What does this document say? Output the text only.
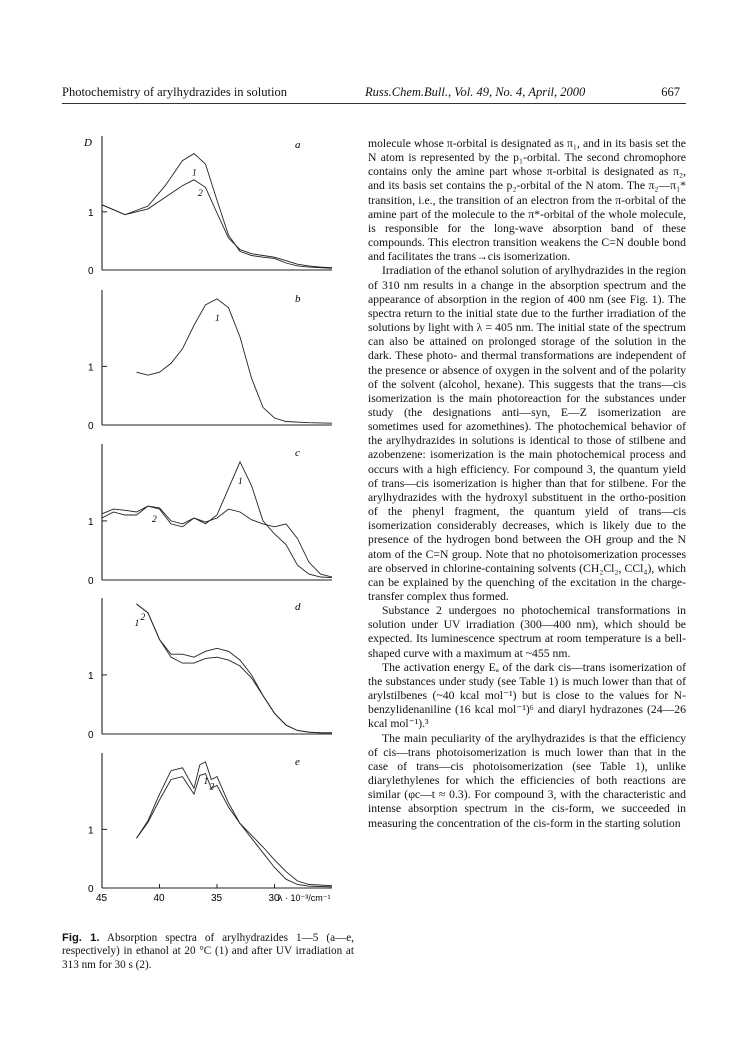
Photochemistry of arylhydrazides in solution	Russ.Chem.Bull., Vol. 49, No. 4, April, 2000	667
1
0
a
1
2
1
0
b
1
1
0
c
1
2
1
0
d
1
2
1
0
e
1
2
D
45	40	35	30
λ · 10⁻³/cm⁻¹
Fig. 1. Absorption spectra of arylhydrazides 1—5 (a—e, respectively) in ethanol at 20 °C (1) and after UV irradiation at 313 nm for 30 s (2).

molecule whose π-orbital is designated as π₁, and in its basis set the N atom is represented by the p₁-orbital. The second chromophore contains only the amine part whose π-orbital is designated as π₂, and its basis set contains the p₂-orbital of the N atom. The π₂—π₁* transition, i.e., the transition of an electron from the π-orbital of the amine part of the molecule to the π*-orbital of the whole molecule, is responsible for the long-wave absorption band of these compounds. This electron transition weakens the C=N double bond and facilitates the trans→cis isomerization.

Irradiation of the ethanol solution of arylhydrazides in the region of 310 nm results in a change in the absorption spectrum and the appearance of absorption in the region of 400 nm (see Fig. 1). The spectra return to the initial state due to the further irradiation of the solutions by light with λ = 405 nm. The initial state of the spectrum can also be attained on prolonged storage of the solution in the dark. These photo- and thermal transformations are independent of the presence or absence of oxygen in the solvent and of the polarity of the solvent (alcohol, hexane). This suggests that the trans—cis isomerization is the main photoreaction for the substances under study (the designations anti—syn, E—Z isomerization are sometimes used for azomethines). The photochemical behavior of the arylhydrazides in solutions is identical to those of stilbene and azobenzene: isomerization is the main photochemical process and occurs with a high efficiency. For compound 3, the quantum yield of trans—cis isomerization is higher than that for stilbene. For the arylhydrazides with the hydroxyl substituent in the ortho-position of the phenyl fragment, the quantum yield of trans—cis isomerization considerably decreases, which is likely due to the presence of the hydrogen bond between the OH group and the N atom of the C=N group. Note that no photoisomerization processes are observed in chlorine-containing solvents (CH₂Cl₂, CCl₄), which can be explained by the quenching of the excitation in the charge-transfer complex thus formed.

Substance 2 undergoes no photochemical transformations in solution under UV irradiation (300—400 nm), which should be expected. Its luminescence spectrum at room temperature is a bell-shaped curve with a maximum at ~455 nm.

The activation energy Eₐ of the dark cis—trans isomerization of the substances under study (see Table 1) is much lower than that of arylstilbenes (~40 kcal mol⁻¹) but is close to the values for N-benzylidenaniline (16 kcal mol⁻¹)⁶ and diaryl hydrazones (24—26 kcal mol⁻¹).³

The main peculiarity of the arylhydrazides is that the efficiency of cis—trans photoisomerization is much lower than that in the case of trans—cis photoisomerization (see Table 1), unlike diarylethylenes for which the efficiencies of both reactions are similar (φc—t ≈ 0.3). For compound 3, with the characteristic and intense absorption spectrum in the cis-form, we succeeded in measuring the concentration of the cis-form in the starting solution
